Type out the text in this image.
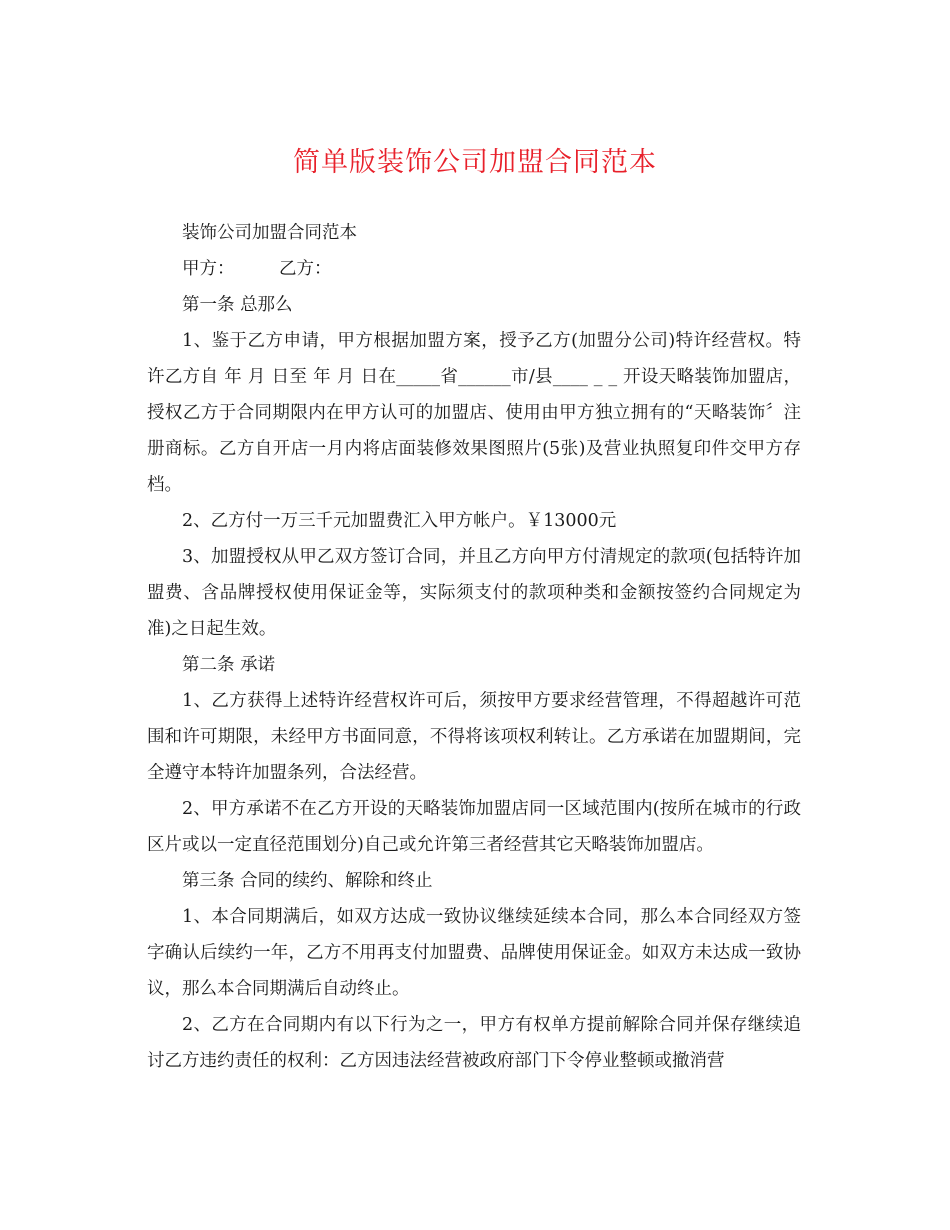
简单版装饰公司加盟合同范本

装饰公司加盟合同范本

甲方：        乙方：

第一条 总那么

1、鉴于乙方申请，甲方根据加盟方案，授予乙方(加盟分公司)特许经营权。特许乙方自 年 月 日至 年 月 日在_____省______市/县____ _ _ 开设天略装饰加盟店，授权乙方于合同期限内在甲方认可的加盟店、使用由甲方独立拥有的“天略装饰〞注册商标。乙方自开店一月内将店面装修效果图照片(5张)及营业执照复印件交甲方存档。

2、乙方付一万三千元加盟费汇入甲方帐户。￥13000元

3、加盟授权从甲乙双方签订合同，并且乙方向甲方付清规定的款项(包括特许加盟费、含品牌授权使用保证金等，实际须支付的款项种类和金额按签约合同规定为准)之日起生效。

第二条 承诺

1、乙方获得上述特许经营权许可后，须按甲方要求经营管理，不得超越许可范围和许可期限，未经甲方书面同意，不得将该项权利转让。乙方承诺在加盟期间，完全遵守本特许加盟条列，合法经营。

2、甲方承诺不在乙方开设的天略装饰加盟店同一区域范围内(按所在城市的行政区片或以一定直径范围划分)自己或允许第三者经营其它天略装饰加盟店。

第三条 合同的续约、解除和终止

1、本合同期满后，如双方达成一致协议继续延续本合同，那么本合同经双方签字确认后续约一年，乙方不用再支付加盟费、品牌使用保证金。如双方未达成一致协议，那么本合同期满后自动终止。

2、乙方在合同期内有以下行为之一，甲方有权单方提前解除合同并保存继续追讨乙方违约责任的权利：乙方因违法经营被政府部门下令停业整顿或撤消营
